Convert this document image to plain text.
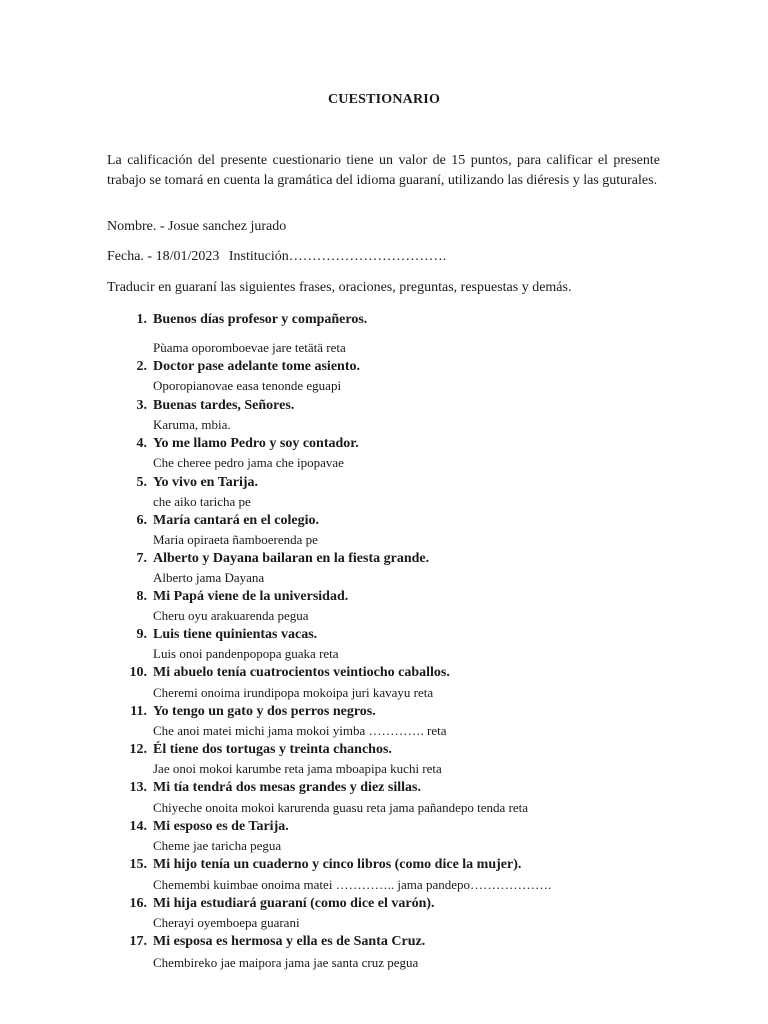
CUESTIONARIO
La calificación del presente cuestionario tiene un valor de 15 puntos, para calificar el presente trabajo se tomará en cuenta la gramática del idioma guaraní, utilizando las diéresis y las guturales.
Nombre. - Josue sanchez jurado
Fecha. - 18/01/2023 Institución…………………………….
Traducir en guaraní las siguientes frases, oraciones, preguntas, respuestas y demás.
1. Buenos días profesor y compañeros.
Pùama oporomboevae jare tetätä reta
2. Doctor pase adelante tome asiento.
Oporopianovae easa tenonde eguapi
3. Buenas tardes, Señores.
Karuma, mbia.
4. Yo me llamo Pedro y soy contador.
Che cheree pedro jama che ipopavae
5. Yo vivo en Tarija.
che aiko taricha pe
6. María cantará en el colegio.
Maria opiraeta ñamboerenda pe
7. Alberto y Dayana bailaran en la fiesta grande.
Alberto jama Dayana
8. Mi Papá viene de la universidad.
Cheru oyu arakuarenda pegua
9. Luis tiene quinientas vacas.
Luis onoi pandenpopopa guaka reta
10. Mi abuelo tenía cuatrocientos veintiocho caballos.
Cheremi onoima irundipopa mokoipa juri kavayu reta
11. Yo tengo un gato y dos perros negros.
Che anoi matei michi jama mokoi yimba …………. reta
12. Él tiene dos tortugas y treinta chanchos.
Jae onoi mokoi karumbe reta jama mboapipa kuchi reta
13. Mi tía tendrá dos mesas grandes y diez sillas.
Chiyeche onoita mokoi karurenda guasu reta jama pañandepo tenda reta
14. Mi esposo es de Tarija.
Cheme jae taricha pegua
15. Mi hijo tenía un cuaderno y cinco libros (como dice la mujer).
Chemembi kuimbae onoima matei ………….. jama pandepo……………….
16. Mi hija estudiará guaraní (como dice el varón).
Cherayi oyemboepa guarani
17. Mi esposa es hermosa y ella es de Santa Cruz.
Chembireko jae maipora jama jae santa cruz pegua
